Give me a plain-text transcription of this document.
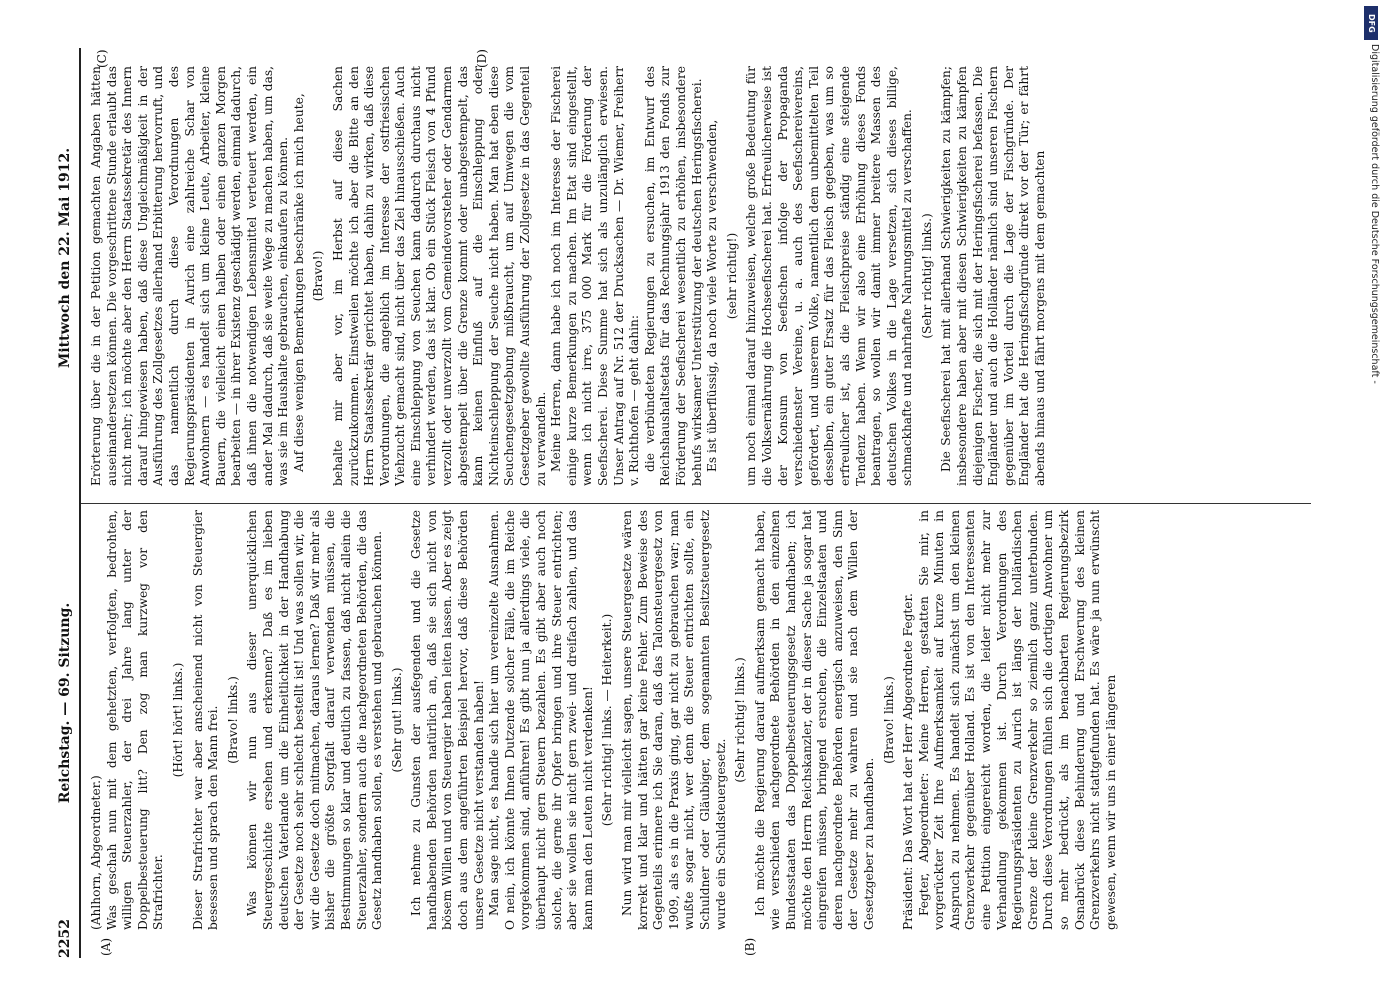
2252
Reichstag. — 69. Sitzung.
Mittwoch den 22. Mai 1912.
(A)	(B)
(C)	(D)

(Ahlhorn, Abgeordneter.) Was geschah nun mit dem gehetzten, verfolgten, bedrohten, willigen Steuerzahler, der drei Jahre lang unter der Doppelbesteuerung litt? Den zog man kurzweg vor den Strafrichter.

(Hört! hört! links.) Dieser Strafrichter war aber anscheinend nicht von Steuergier besessen und sprach den Mann frei. (Bravo! links.) Was können wir nun aus dieser unerquicklichen Steuergeschichte ersehen und erkennen? Daß es im lieben deutschen Vaterlande um die Einheitlichkeit in der Handhabung der Gesetze noch sehr schlecht bestellt ist! Und was sollen wir, die wir die Gesetze doch mitmachen, daraus lernen? Daß wir mehr als bisher die größte Sorgfalt darauf verwenden müssen, die Bestimmungen so klar und deutlich zu fassen, daß nicht allein die Steuerzahler, sondern auch die nachgeordneten Behörden, die das Gesetz handhaben sollen, es verstehen und gebrauchen können. (Sehr gut! links.) Ich nehme zu Gunsten der ausfegenden und die Gesetze handhabenden Behörden natürlich an, daß sie sich nicht von bösem Willen und von Steuergier haben leiten lassen. Aber es zeigt doch aus dem angeführten Beispiel hervor, daß diese Behörden unsere Gesetze nicht verstanden haben! Man sage nicht, es handle sich hier um vereinzelte Ausnahmen. O nein, ich könnte Ihnen Dutzende solcher Fälle, die im Reiche vorgekommen sind, anführen! Es gibt nun ja allerdings viele, die überhaupt nicht gern Steuern bezahlen. Es gibt aber auch noch solche, die gerne ihr Opfer bringen und ihre Steuer entrichten; aber sie wollen sie nicht gern zwei- und dreifach zahlen, und das kann man den Leuten nicht verdenken! (Sehr richtig! links. — Heiterkeit.) Nun wird man mir vielleicht sagen, unsere Steuergesetze wären korrekt und klar und hätten gar keine Fehler. Zum Beweise des Gegenteils erinnere ich Sie daran, daß das Talonsteuergesetz von 1909, als es in die Praxis ging, gar nicht zu gebrauchen war; man wußte sogar nicht, wer denn die Steuer entrichten sollte, ein Schuldner oder Gläubiger, dem sogenannten Besitzsteuergesetz wurde ein Schuldsteuergesetz.

(Sehr richtig! links.) Ich möchte die Regierung darauf aufmerksam gemacht haben, wie verschieden nachgeordnete Behörden in den einzelnen Bundesstaaten das Doppelbesteuerungsgesetz handhaben; ich möchte den Herrn Reichskanzler, der in dieser Sache ja sogar hat eingreifen müssen, bringend ersuchen, die Einzelstaaten und deren nachgeordnete Behörden energisch anzuweisen, den Sinn der Gesetze mehr zu wahren und sie nach dem Willen der Gesetzgeber zu handhaben.

(Bravo! links.) Präsident: Das Wort hat der Herr Abgeordnete Fegter. Fegter, Abgeordneter: Meine Herren, gestatten Sie mir, in vorgerückter Zeit Ihre Aufmerksamkeit auf kurze Minuten in Anspruch zu nehmen. Es handelt sich zunächst um den kleinen Grenzverkehr gegenüber Holland. Es ist von den Interessenten eine Petition eingereicht worden, die leider nicht mehr zur Verhandlung gekommen ist. Durch Verordnungen des Regierungspräsidenten zu Aurich ist längs der holländischen Grenze der kleine Grenzverkehr so ziemlich ganz unterbunden. Durch diese Verordnungen fühlen sich die dortigen Anwohner um so mehr bedrückt, als im benachbarten Regierungsbezirk Osnabrück diese Behinderung und Erschwerung des kleinen Grenzverkehrs nicht stattgefunden hat. Es wäre ja nun erwünscht gewesen, wenn wir uns in einer längeren

Erörterung über die in der Petition gemachten Angaben hätten auseinandersetzen können. Die vorgeschrittene Stunde erlaubt das nicht mehr; ich möchte aber den Herrn Staatssekretär des Innern darauf hingewiesen haben, daß diese Ungleichmäßigkeit in der Ausführung des Zollgesetzes allerhand Erbitterung hervorruft, und das namentlich durch diese Verordnungen des Regierungspräsidenten in Aurich eine zahlreiche Schar von Anwohnern — es handelt sich um kleine Leute, Arbeiter, kleine Bauern, die vielleicht einen halben oder einen ganzen Morgen bearbeiten — in ihrer Existenz geschädigt werden, einmal dadurch, daß ihnen die notwendigen Lebensmittel verteuert werden, ein ander Mal dadurch, daß sie weite Wege zu machen haben, um das, was sie im Haushalte gebrauchen, einkaufen zu können. Auf diese wenigen Bemerkungen beschränke ich mich heute, (Bravo!) behalte mir aber vor, im Herbst auf diese Sachen zurückzukommen. Einstweilen möchte ich aber die Bitte an den Herrn Staatssekretär gerichtet haben, dahin zu wirken, daß diese Verordnungen, die angeblich im Interesse der ostfriesischen Viehzucht gemacht sind, nicht über das Ziel hinausschießen. Auch eine Einschleppung von Seuchen kann dadurch durchaus nicht verhindert werden, das ist klar. Ob ein Stück Fleisch von 4 Pfund verzollt oder unverzollt vom Gemeindevorsteher oder Gendarmen abgestempelt über die Grenze kommt oder unabgestempelt, das kann keinen Einfluß auf die Einschleppung oder Nichteinschleppung der Seuche nicht haben. Man hat eben diese Seuchengesetzgebung mißbraucht, um auf Umwegen die vom Gesetzgeber gewollte Ausführung der Zollgesetze in das Gegenteil zu verwandeln. Meine Herren, dann habe ich noch im Interesse der Fischerei einige kurze Bemerkungen zu machen. Im Etat sind eingestellt, wenn ich nicht irre, 375 000 Mark für die Förderung der Seefischerei. Diese Summe hat sich als unzulänglich erwiesen. Unser Antrag auf Nr. 512 der Drucksachen — Dr. Wiemer, Freiherr v. Richthofen — geht dahin: die verbündeten Regierungen zu ersuchen, im Entwurf des Reichshaushaltsetats für das Rechnungsjahr 1913 den Fonds zur Förderung der Seefischerei wesentlich zu erhöhen, insbesondere behufs wirksamer Unterstützung der deutschen Heringsfischerei. Es ist überflüssig, da noch viele Worte zu verschwenden, (sehr richtig!) um noch einmal darauf hinzuweisen, welche große Bedeutung für die Volksernährung die Hochseefischerei hat. Erfreulicherweise ist der Konsum von Seefischen infolge der Propaganda verschiedenster Vereine, u. a. auch des Seefischereivereins, gefördert, und unserem Volke, namentlich dem unbemittelten Teil desselben, ein guter Ersatz für das Fleisch gegeben, was um so erfreulicher ist, als die Fleischpreise ständig eine steigende Tendenz haben. Wenn wir also eine Erhöhung dieses Fonds beantragen, so wollen wir damit immer breitere Massen des deutschen Volkes in die Lage versetzen, sich dieses billige, schmackhafte und nahrhafte Nahrungsmittel zu verschaffen. (Sehr richtig! links.) Die Seefischerei hat mit allerhand Schwierigkeiten zu kämpfen; insbesondere haben aber mit diesen Schwierigkeiten zu kämpfen diejenigen Fischer, die sich mit der Heringsfischerei befassen. Die Engländer und auch die Holländer nämlich sind unseren Fischern gegenüber im Vorteil durch die Lage der Fischgründe. Der Engländer hat die Heringsfischgründe direkt vor der Tür; er fährt abends hinaus und fährt morgens mit dem gemachten

DFG
Digitalisierung gefördert durch die Deutsche Forschungsgemeinschaft -
